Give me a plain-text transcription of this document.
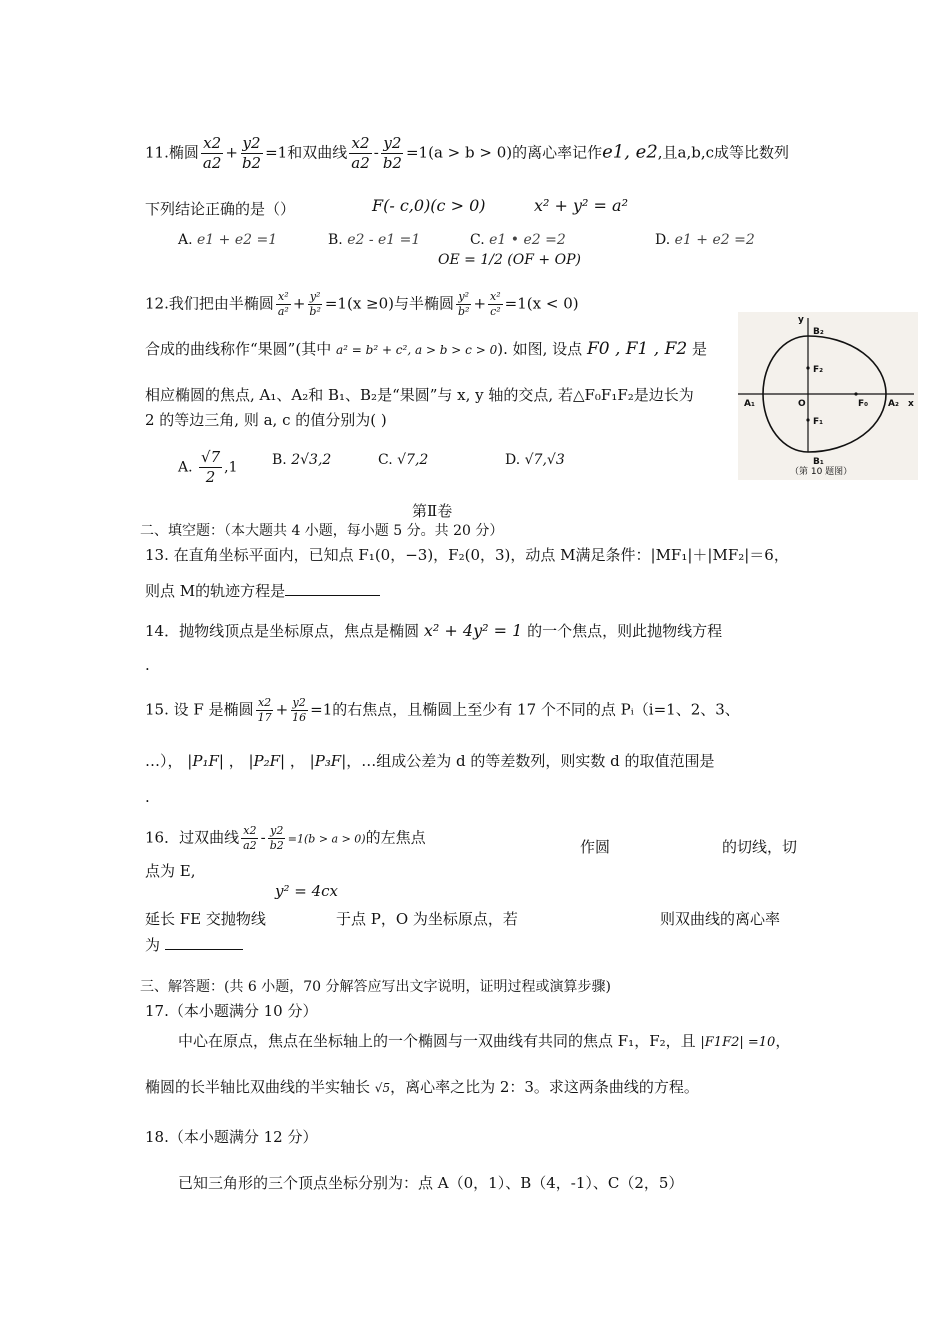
11.椭圆 $\frac{x2}{a2} + \frac{y2}{b2} =1$和双曲线 $\frac{x2}{a2} - \frac{y2}{b2} =1(a > b > 0)$的离心率记作e1, e2,且a,b,c成等比数列
下列结论正确的是（）	F(- c,0)(c > 0)	x² + y² = a²
A. e1 + e2 =1	B. e2 - e1 =1	C. e1 • e2 =2	D. e1 + e2 =2
OE = 1/2 (OF + OP)
12.我们把由半椭圆 $\frac{\text{x²}}{\text{a²}} + \frac{\text{y²}}{\text{b²}} =1(x \ge 0)$与半椭圆 $\frac{\text{y²}}{\text{b²}} + \frac{\text{x²}}{\text{c²}} =1(x < 0)$
合成的曲线称作“果圆”(其中 a² = b² + c², a > b > c > 0). 如图, 设点 F0 , F1 , F2 是
相应椭圆的焦点, A₁、A₂和 B₁、B₂是“果圆”与 x, y 轴的交点, 若△F₀F₁F₂是边长为
2 的等边三角, 则 a, c 的值分别为( )
A. $\frac{√7}{2} ,1$ B. 2√3,2	C. √7,2	D. √7,√3
y
x
O
B₂
B₁
F₂
F₁
F₀
A₁	A₂
（第 10 题图）
第Ⅱ卷
二、填空题：（本大题共 4 小题，每小题 5 分。共 20 分）
13. 在直角坐标平面内，已知点 F₁(0，−3)，F₂(0，3)，动点 M满足条件：|MF₁|＋|MF₂|＝6，
则点 M的轨迹方程是
14．抛物线顶点是坐标原点，焦点是椭圆 x² + 4y² = 1 的一个焦点，则此抛物线方程
.
15. 设 F 是椭圆 $\frac{x2}{17} + \frac{y2}{16} =1$的右焦点，且椭圆上至少有 17 个不同的点 Pᵢ（i=1、2、3、
…）， |P₁F| ， |P₂F| ， |P₃F|，…组成公差为 d 的等差数列，则实数 d 的取值范围是
.
16．过双曲线 $\frac{x2}{a2} - \frac{y2}{b2} =1(b > a > 0)$的左焦点
作圆	的切线，切
点为 E,
y² = 4cx
延长 FE 交抛物线	于点 P，O 为坐标原点，若	则双曲线的离心率
为
三、解答题：(共 6 小题，70 分解答应写出文字说明，证明过程或演算步骤)
17.（本小题满分 10 分）
中心在原点，焦点在坐标轴上的一个椭圆与一双曲线有共同的焦点 F₁，F₂，且 |F1F2| =10，
椭圆的长半轴比双曲线的半实轴长 √5，离心率之比为 2：3。求这两条曲线的方程。
18.（本小题满分 12 分）
已知三角形的三个顶点坐标分别为：点 A（0，1）、B（4，-1）、C（2，5）
